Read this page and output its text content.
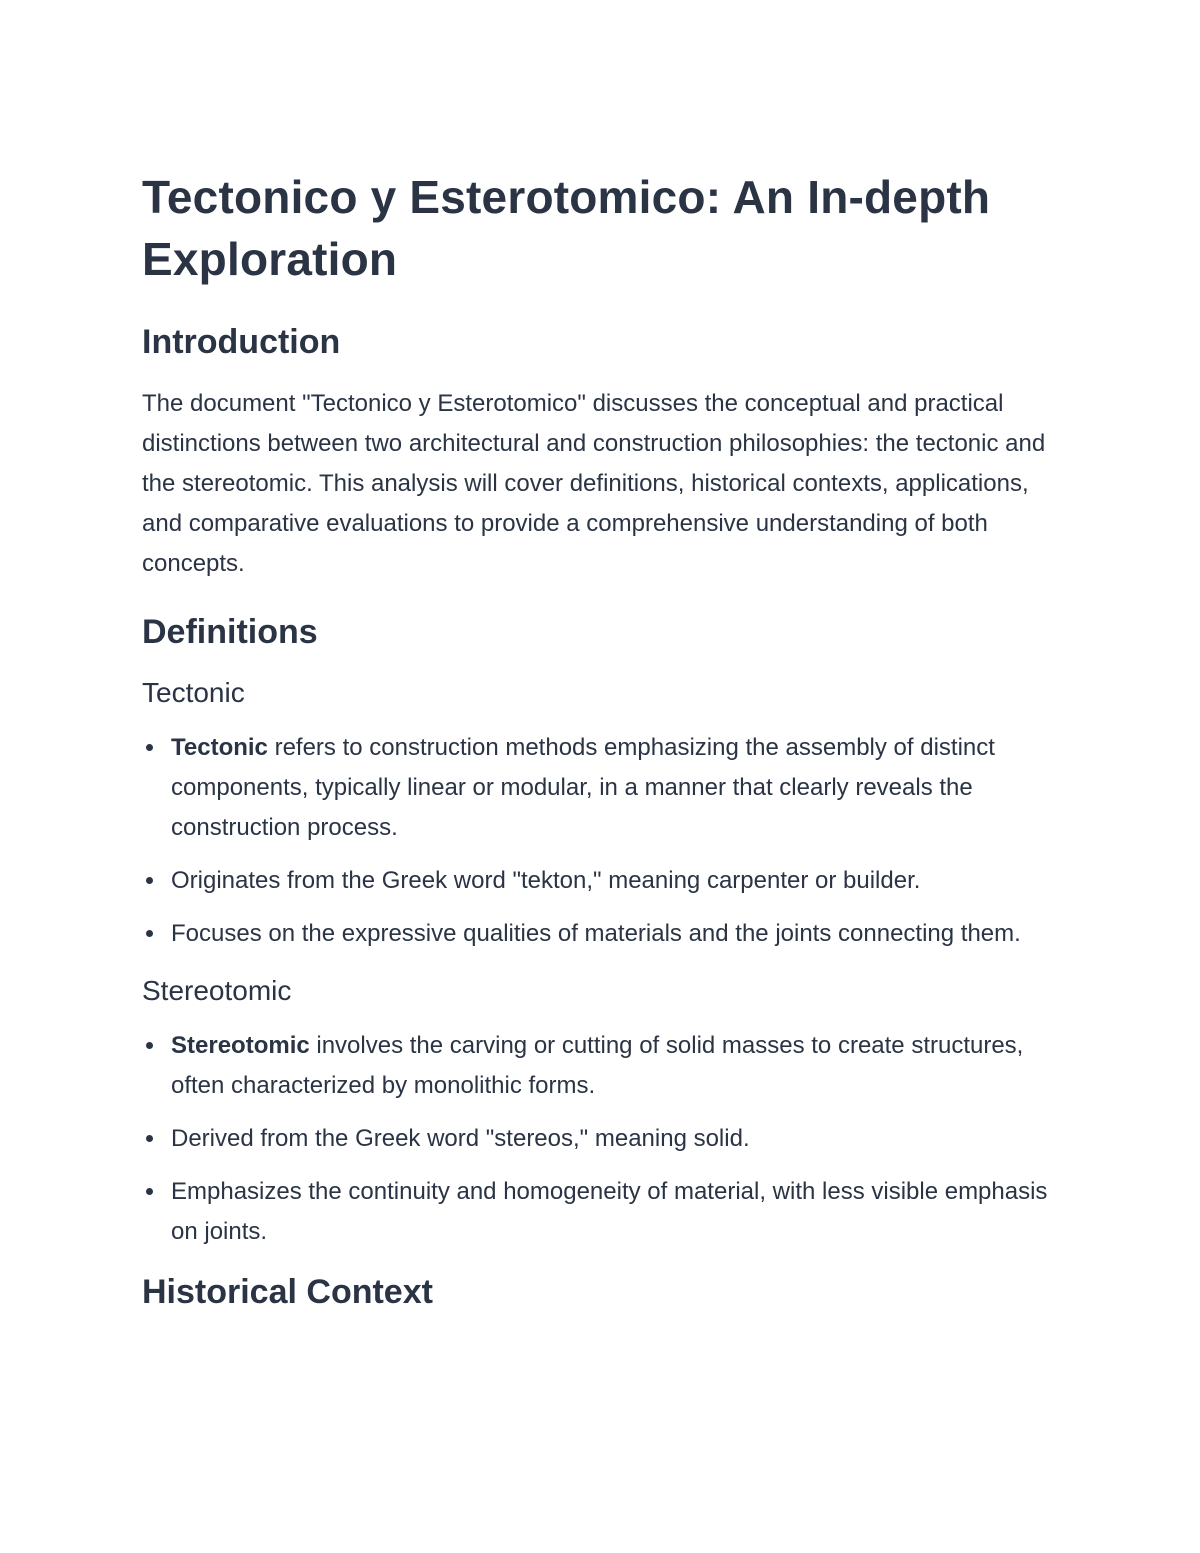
Tectonico y Esterotomico: An In-depth Exploration
Introduction

The document "Tectonico y Esterotomico" discusses the conceptual and practical distinctions between two architectural and construction philosophies: the tectonic and the stereotomic. This analysis will cover definitions, historical contexts, applications, and comparative evaluations to provide a comprehensive understanding of both concepts.

Definitions
Tectonic
Tectonic refers to construction methods emphasizing the assembly of distinct components, typically linear or modular, in a manner that clearly reveals the construction process.
Originates from the Greek word "tekton," meaning carpenter or builder.
Focuses on the expressive qualities of materials and the joints connecting them.
Stereotomic
Stereotomic involves the carving or cutting of solid masses to create structures, often characterized by monolithic forms.
Derived from the Greek word "stereos," meaning solid.
Emphasizes the continuity and homogeneity of material, with less visible emphasis on joints.
Historical Context
